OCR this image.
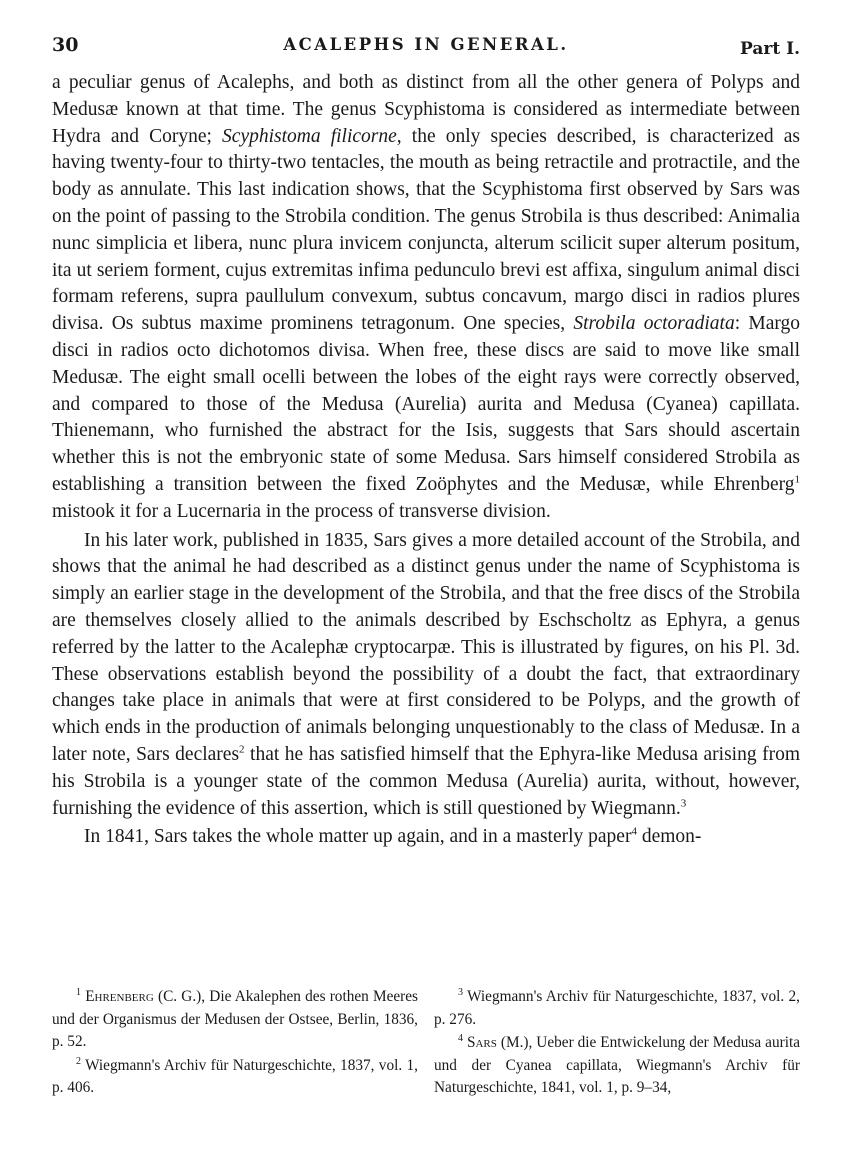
30	ACALEPHS IN GENERAL.	Part I.

a peculiar genus of Acalephs, and both as distinct from all the other genera of Polyps and Medusæ known at that time. The genus Scyphistoma is considered as intermediate between Hydra and Coryne; Scyphistoma filicorne, the only species described, is characterized as having twenty-four to thirty-two tentacles, the mouth as being retractile and protractile, and the body as annulate. This last indication shows, that the Scyphistoma first observed by Sars was on the point of passing to the Strobila condition. The genus Strobila is thus described: Animalia nunc simplicia et libera, nunc plura invicem conjuncta, alterum scilicit super alterum positum, ita ut seriem forment, cujus extremitas infima pedunculo brevi est affixa, singulum animal disci formam referens, supra paullulum convexum, subtus concavum, margo disci in radios plures divisa. Os subtus maxime prominens tetragonum. One species, Strobila octoradiata: Margo disci in radios octo dichotomos divisa. When free, these discs are said to move like small Medusæ. The eight small ocelli between the lobes of the eight rays were correctly observed, and compared to those of the Medusa (Aurelia) aurita and Medusa (Cyanea) capillata. Thienemann, who furnished the abstract for the Isis, suggests that Sars should ascertain whether this is not the embryonic state of some Medusa. Sars himself considered Strobila as establishing a transition between the fixed Zoöphytes and the Medusæ, while Ehrenberg$^1$ mistook it for a Lucernaria in the process of transverse division.

In his later work, published in 1835, Sars gives a more detailed account of the Strobila, and shows that the animal he had described as a distinct genus under the name of Scyphistoma is simply an earlier stage in the development of the Strobila, and that the free discs of the Strobila are themselves closely allied to the animals described by Eschscholtz as Ephyra, a genus referred by the latter to the Acalephæ cryptocarpæ. This is illustrated by figures, on his Pl. 3d. These observations establish beyond the possibility of a doubt the fact, that extraordinary changes take place in animals that were at first considered to be Polyps, and the growth of which ends in the production of animals belonging unquestionably to the class of Medusæ. In a later note, Sars declares$^2$ that he has satisfied himself that the Ephyra-like Medusa arising from his Strobila is a younger state of the common Medusa (Aurelia) aurita, without, however, furnishing the evidence of this assertion, which is still questioned by Wiegmann.$^3$

In 1841, Sars takes the whole matter up again, and in a masterly paper$^4$ demon-

$^1$ Ehrenberg (C. G.), Die Akalephen des rothen Meeres und der Organismus der Medusen der Ostsee, Berlin, 1836, p. 52.

$^2$ Wiegmann's Archiv für Naturgeschichte, 1837, vol. 1, p. 406.

$^3$ Wiegmann's Archiv für Naturgeschichte, 1837, vol. 2, p. 276.

$^4$ Sars (M.), Ueber die Entwickelung der Medusa aurita und der Cyanea capillata, Wiegmann's Archiv für Naturgeschichte, 1841, vol. 1, p. 9–34,
